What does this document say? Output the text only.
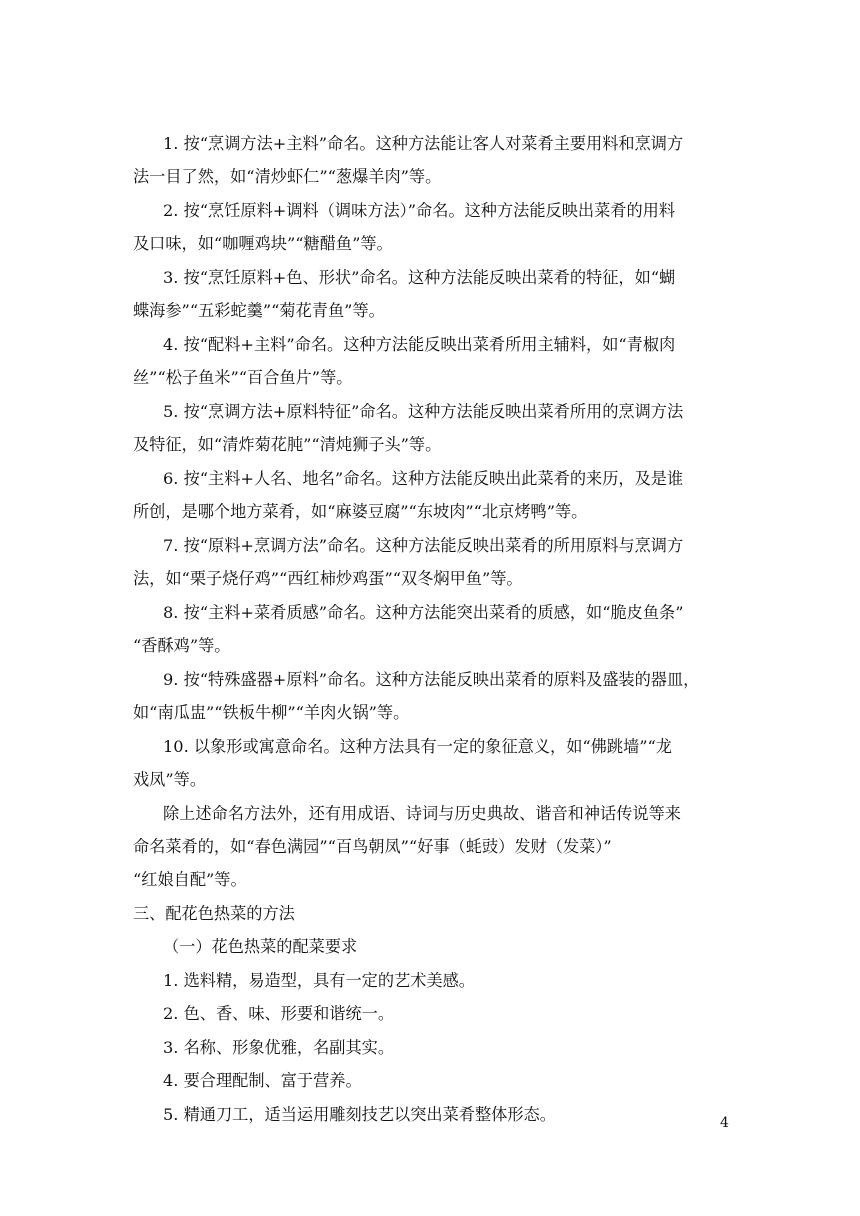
1. 按“烹调方法+主料”命名。这种方法能让客人对菜肴主要用料和烹调方
法一目了然，如“清炒虾仁”“葱爆羊肉”等。
2. 按“烹饪原料+调料（调味方法）”命名。这种方法能反映出菜肴的用料
及口味，如“咖喱鸡块”“糖醋鱼”等。
3. 按“烹饪原料+色、形状”命名。这种方法能反映出菜肴的特征，如“蝴
蝶海参”“五彩蛇羹”“菊花青鱼”等。
4. 按“配料+主料”命名。这种方法能反映出菜肴所用主辅料，如“青椒肉
丝”“松子鱼米”“百合鱼片”等。
5. 按“烹调方法+原料特征”命名。这种方法能反映出菜肴所用的烹调方法
及特征，如“清炸菊花肫”“清炖狮子头”等。
6. 按“主料+人名、地名”命名。这种方法能反映出此菜肴的来历，及是谁
所创，是哪个地方菜肴，如“麻婆豆腐”“东坡肉”“北京烤鸭”等。
7. 按“原料+烹调方法”命名。这种方法能反映出菜肴的所用原料与烹调方
法，如“栗子烧仔鸡”“西红柿炒鸡蛋”“双冬焖甲鱼”等。
8. 按“主料+菜肴质感”命名。这种方法能突出菜肴的质感，如“脆皮鱼条”
“香酥鸡”等。
9. 按“特殊盛器+原料”命名。这种方法能反映出菜肴的原料及盛装的器皿，
如“南瓜盅”“铁板牛柳”“羊肉火锅”等。
10. 以象形或寓意命名。这种方法具有一定的象征意义，如“佛跳墙”“龙
戏凤”等。
除上述命名方法外，还有用成语、诗词与历史典故、谐音和神话传说等来
命名菜肴的，如“春色满园”“百鸟朝凤”“好事（蚝豉）发财（发菜）”
“红娘自配”等。
三、配花色热菜的方法
（一）花色热菜的配菜要求
1. 选料精，易造型，具有一定的艺术美感。
2. 色、香、味、形要和谐统一。
3. 名称、形象优雅，名副其实。
4. 要合理配制、富于营养。
5. 精通刀工，适当运用雕刻技艺以突出菜肴整体形态。	4
